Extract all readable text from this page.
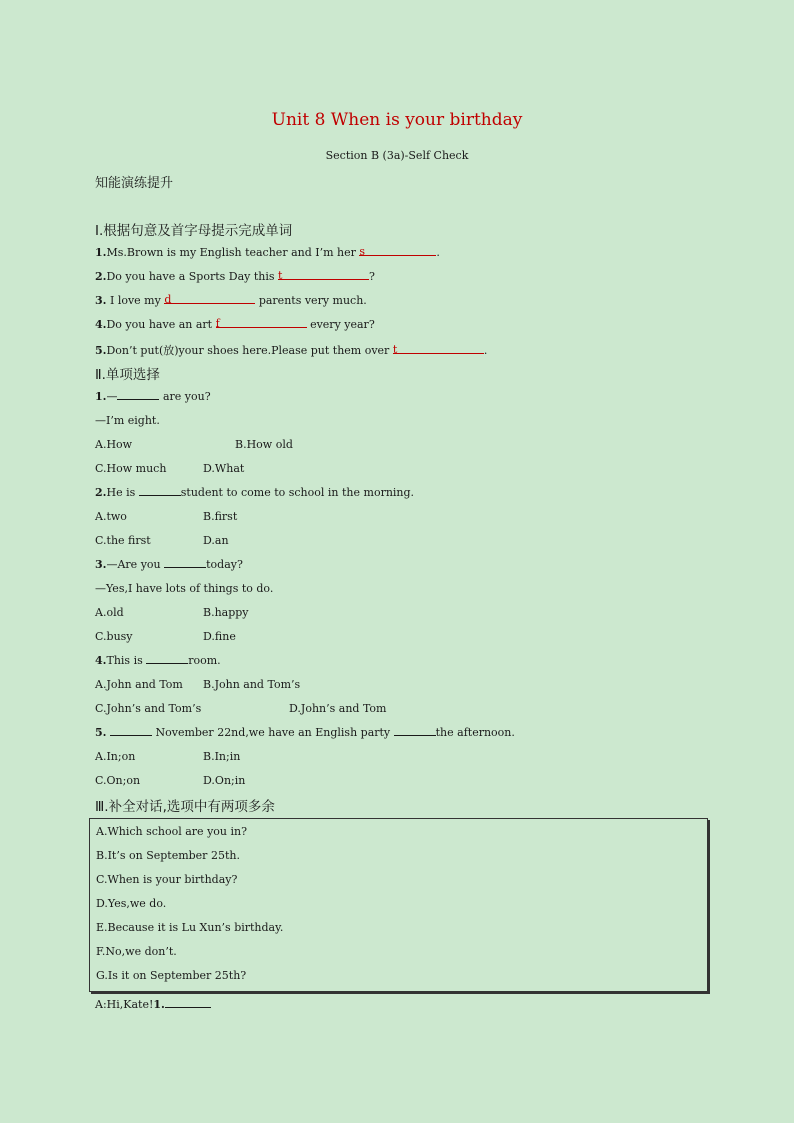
Unit 8 When is your birthday
Section B (3a)-Self Check
知能演练提升
Ⅰ.根据句意及首字母提示完成单词
1.Ms.Brown is my English teacher and I’m her s	.
2.Do you have a Sports Day this t	?
3. I love my d	parents very much.
4.Do you have an art f	every year?
5.Don’t put(放)your shoes here.Please put them over t	.
Ⅱ.单项选择
1.—	are you?
—I’m eight.
A.How	B.How old
C.How much	D.What
2.He is	student to come to school in the morning.
A.two	B.first
C.the first	D.an
3.—Are you	today?
—Yes,I have lots of things to do.
A.old	B.happy
C.busy	D.fine
4.This is	room.
A.John and Tom B.John and Tom’s
C.John’s and Tom’s	D.John’s and Tom
5.	November 22nd,we have an English party	the afternoon.
A.In;on	B.In;in
C.On;on	D.On;in
Ⅲ.补全对话,选项中有两项多余
A.Which school are you in?
B.It’s on September 25th.
C.When is your birthday?
D.Yes,we do.
E.Because it is Lu Xun’s birthday.
F.No,we don’t.
G.Is it on September 25th?
A:Hi,Kate!1.
